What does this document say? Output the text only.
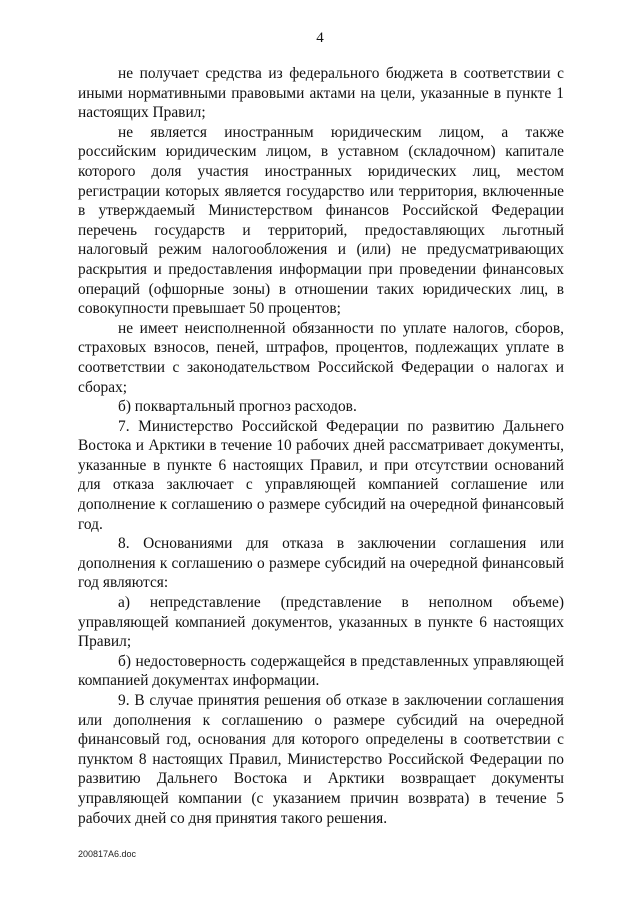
4

не получает средства из федерального бюджета в соответствии с иными нормативными правовыми актами на цели, указанные в пункте 1 настоящих Правил;

не является иностранным юридическим лицом, а также российским юридическим лицом, в уставном (складочном) капитале которого доля участия иностранных юридических лиц, местом регистрации которых является государство или территория, включенные в утверждаемый Министерством финансов Российской Федерации перечень государств и территорий, предоставляющих льготный налоговый режим налогообложения и (или) не предусматривающих раскрытия и предоставления информации при проведении финансовых операций (офшорные зоны) в отношении таких юридических лиц, в совокупности превышает 50 процентов;

не имеет неисполненной обязанности по уплате налогов, сборов, страховых взносов, пеней, штрафов, процентов, подлежащих уплате в соответствии с законодательством Российской Федерации о налогах и сборах;

б) поквартальный прогноз расходов.

7. Министерство Российской Федерации по развитию Дальнего Востока и Арктики в течение 10 рабочих дней рассматривает документы, указанные в пункте 6 настоящих Правил, и при отсутствии оснований для отказа заключает с управляющей компанией соглашение или дополнение к соглашению о размере субсидий на очередной финансовый год.

8. Основаниями для отказа в заключении соглашения или дополнения к соглашению о размере субсидий на очередной финансовый год являются:

а) непредставление (представление в неполном объеме) управляющей компанией документов, указанных в пункте 6 настоящих Правил;

б) недостоверность содержащейся в представленных управляющей компанией документах информации.

9. В случае принятия решения об отказе в заключении соглашения или дополнения к соглашению о размере субсидий на очередной финансовый год, основания для которого определены в соответствии с пунктом 8 настоящих Правил, Министерство Российской Федерации по развитию Дальнего Востока и Арктики возвращает документы управляющей компании (с указанием причин возврата) в течение 5 рабочих дней со дня принятия такого решения.

200817А6.doc
